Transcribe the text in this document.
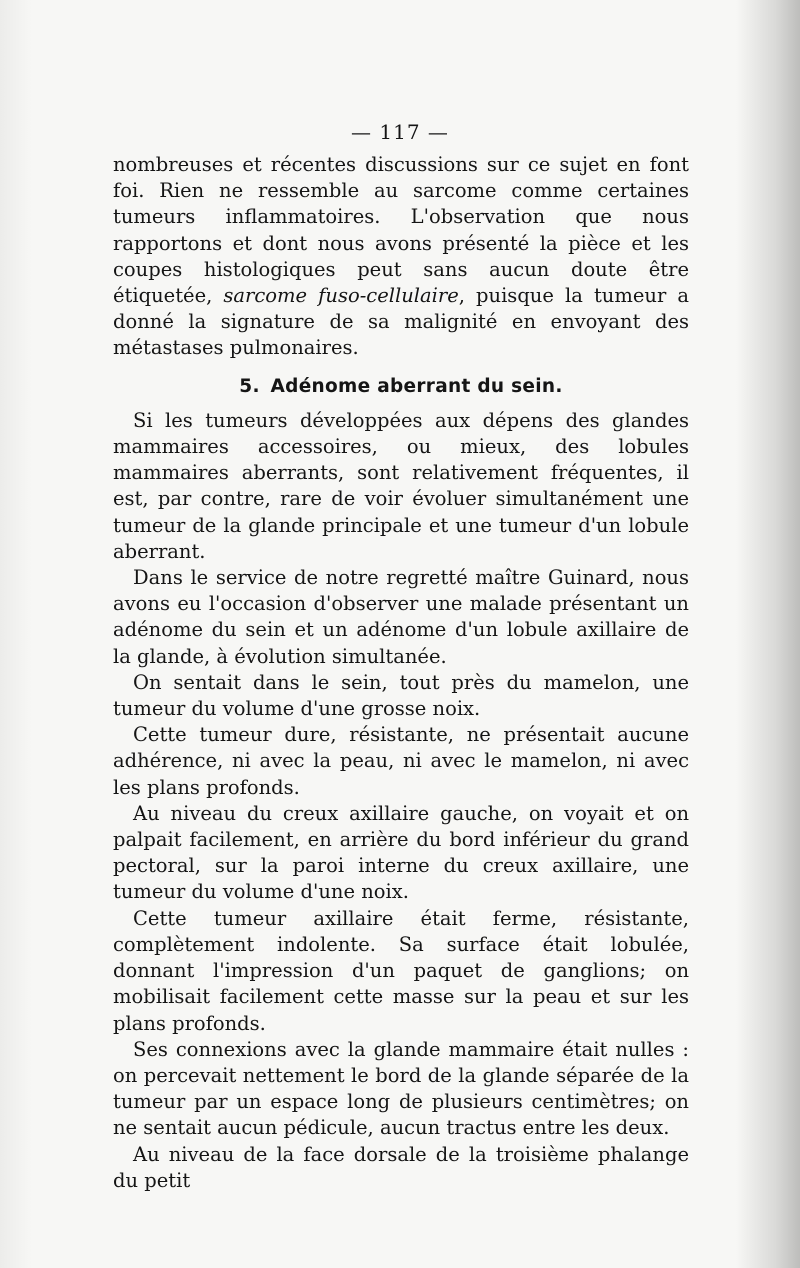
— 117 —

nombreuses et récentes discussions sur ce sujet en font foi. Rien ne ressemble au sarcome comme certaines tumeurs inflammatoires. L'observation que nous rapportons et dont nous avons présenté la pièce et les coupes histologiques peut sans aucun doute être étiquetée, sarcome fuso-cellulaire, puisque la tumeur a donné la signature de sa malignité en envoyant des métastases pulmonaires.

5. Adénome aberrant du sein.

Si les tumeurs développées aux dépens des glandes mammaires accessoires, ou mieux, des lobules mammaires aberrants, sont relativement fréquentes, il est, par contre, rare de voir évoluer simultanément une tumeur de la glande principale et une tumeur d'un lobule aberrant.

Dans le service de notre regretté maître Guinard, nous avons eu l'occasion d'observer une malade présentant un adénome du sein et un adénome d'un lobule axillaire de la glande, à évolution simultanée.

On sentait dans le sein, tout près du mamelon, une tumeur du volume d'une grosse noix.

Cette tumeur dure, résistante, ne présentait aucune adhérence, ni avec la peau, ni avec le mamelon, ni avec les plans profonds.

Au niveau du creux axillaire gauche, on voyait et on palpait facilement, en arrière du bord inférieur du grand pectoral, sur la paroi interne du creux axillaire, une tumeur du volume d'une noix.

Cette tumeur axillaire était ferme, résistante, complètement indolente. Sa surface était lobulée, donnant l'impression d'un paquet de ganglions; on mobilisait facilement cette masse sur la peau et sur les plans profonds.

Ses connexions avec la glande mammaire était nulles : on percevait nettement le bord de la glande séparée de la tumeur par un espace long de plusieurs centimètres; on ne sentait aucun pédicule, aucun tractus entre les deux.

Au niveau de la face dorsale de la troisième phalange du petit
